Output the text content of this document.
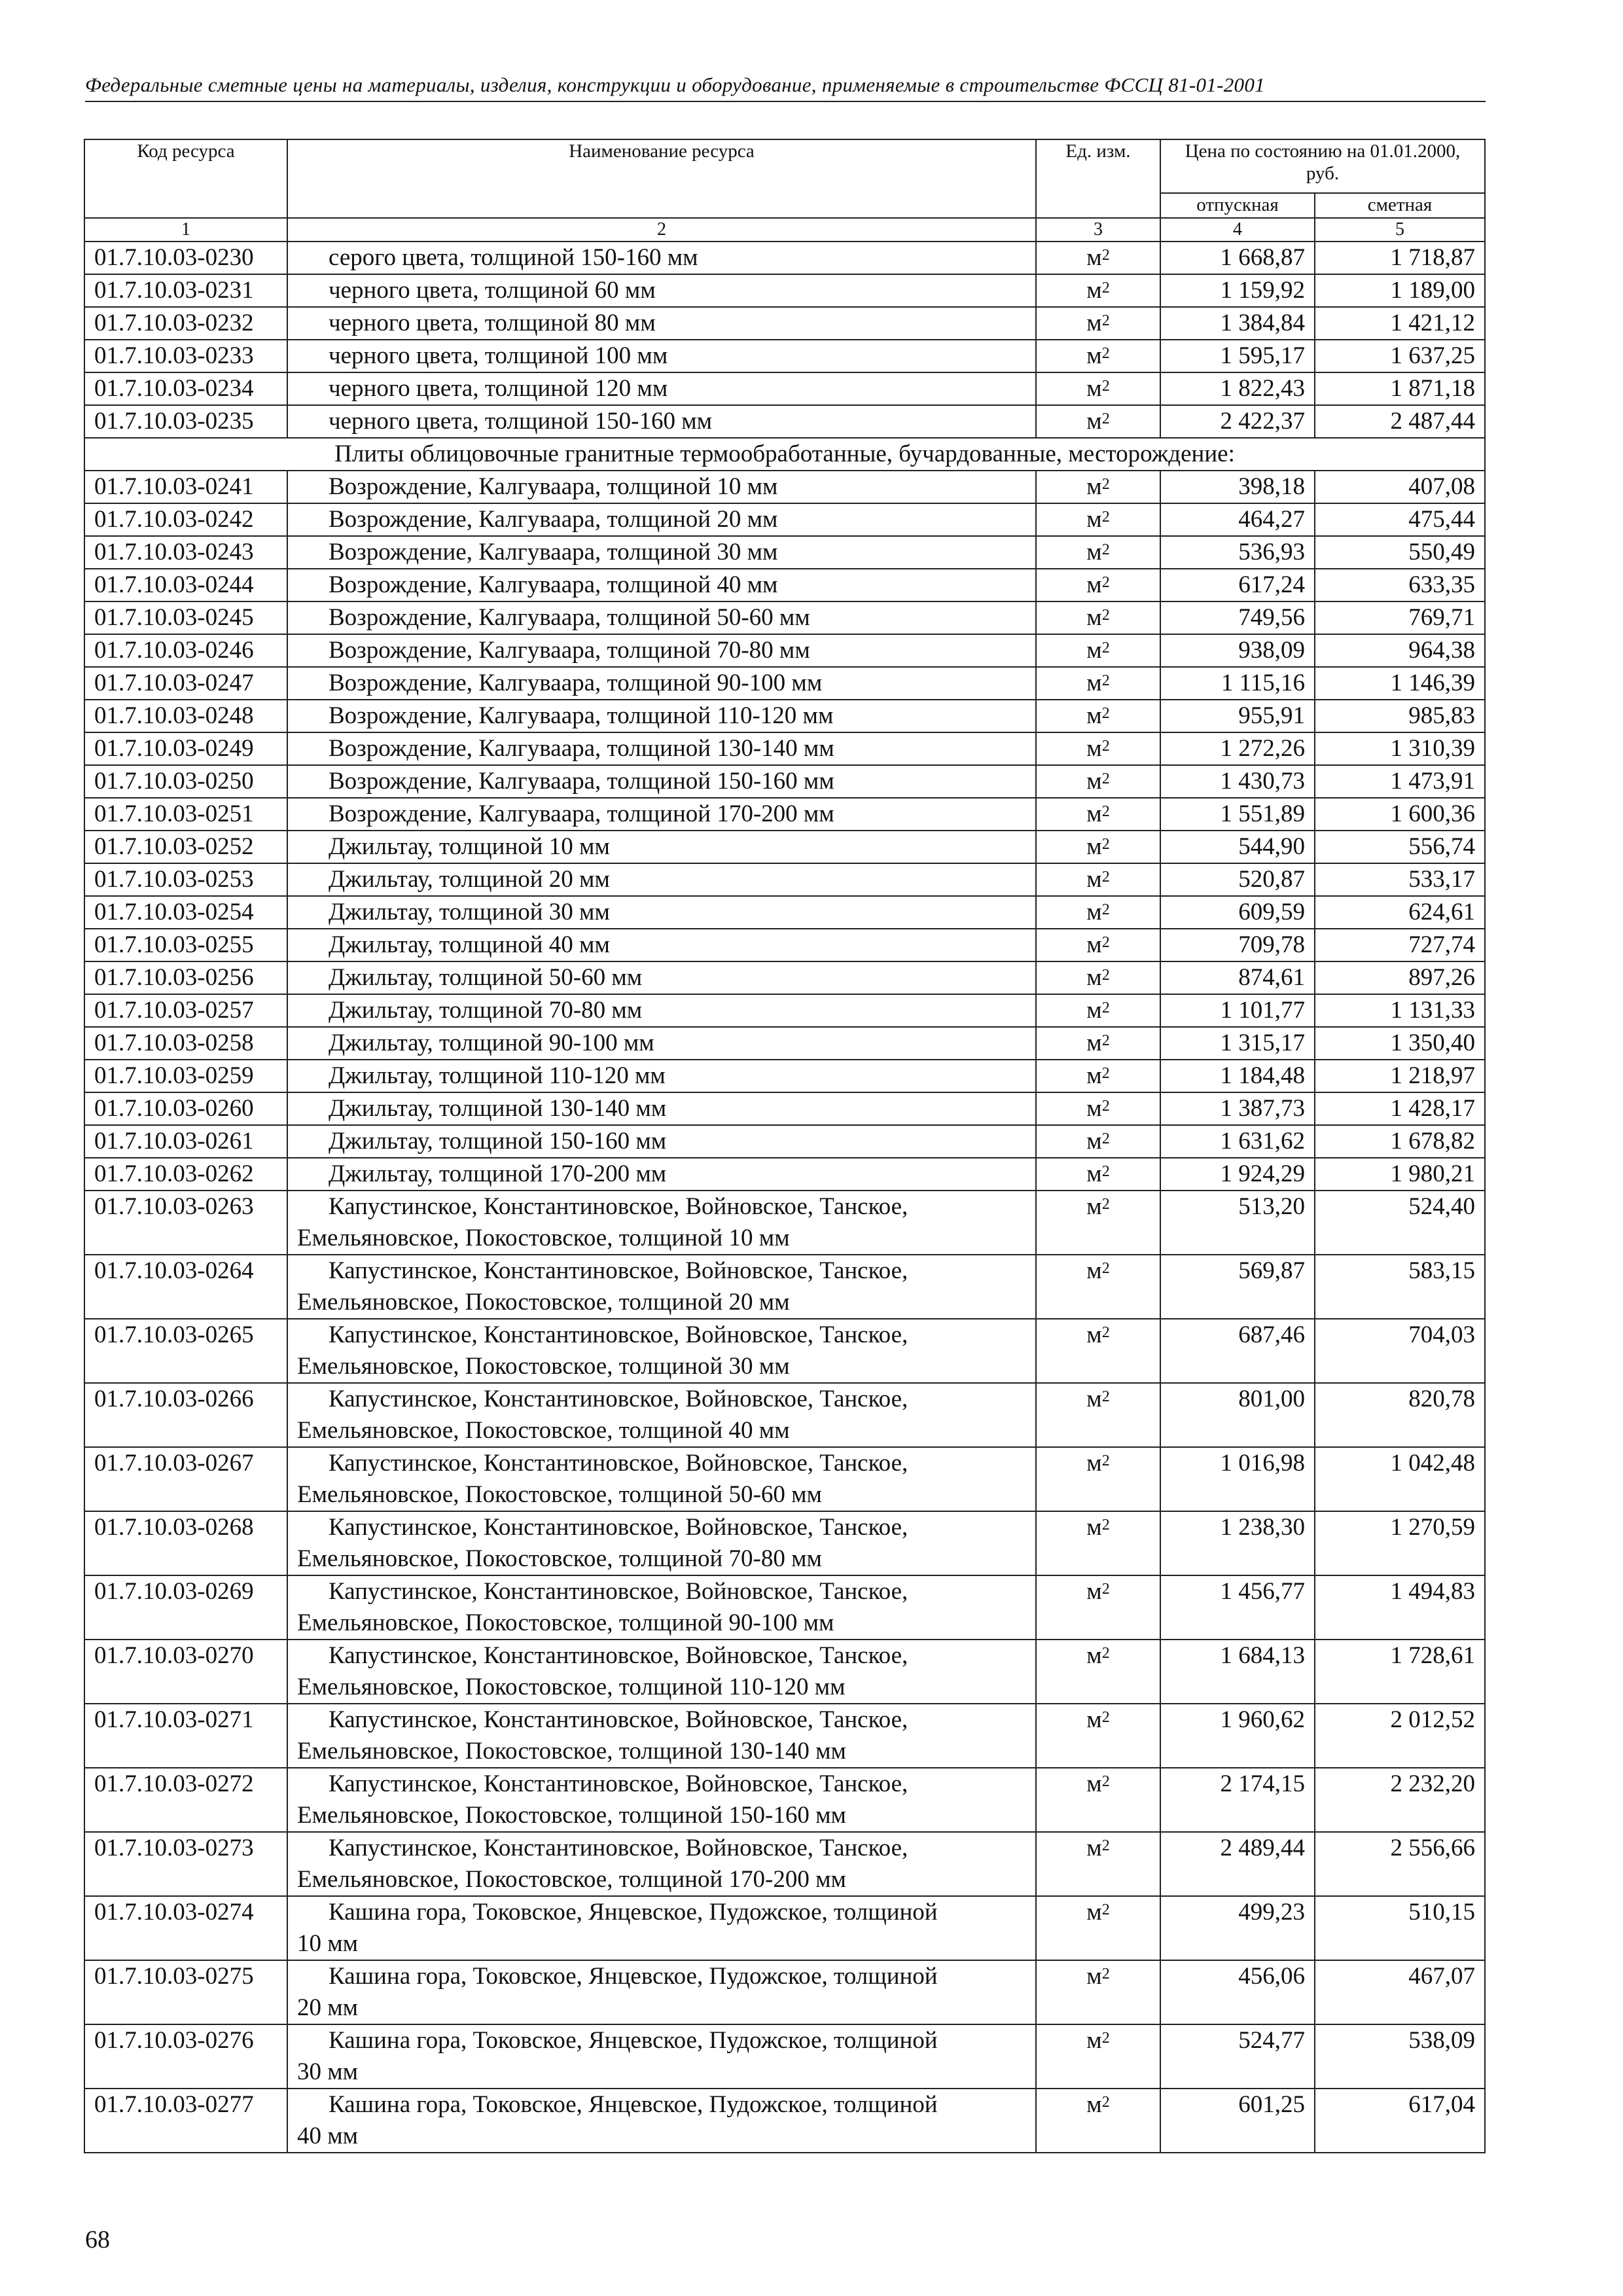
Федеральные сметные цены на материалы, изделия, конструкции и оборудование, применяемые в строительстве ФССЦ 81-01-2001
Код ресурса	Наименование ресурса	Ед. изм.	Цена по состоянию на 01.01.2000, руб.	
			отпускная	сметная
1	2	3	4	5
01.7.10.03-0230	серого цвета, толщиной 150-160 мм	$м^2$	1 668,87	1 718,87
01.7.10.03-0231	черного цвета, толщиной 60 мм	$м^2$	1 159,92	1 189,00
01.7.10.03-0232	черного цвета, толщиной 80 мм	$м^2$	1 384,84	1 421,12
01.7.10.03-0233	черного цвета, толщиной 100 мм	$м^2$	1 595,17	1 637,25
01.7.10.03-0234	черного цвета, толщиной 120 мм	$м^2$	1 822,43	1 871,18
01.7.10.03-0235	черного цвета, толщиной 150-160 мм	$м^2$	2 422,37	2 487,44
Плиты облицовочные гранитные термообработанные, бучардованные, месторождение:				
01.7.10.03-0241	Возрождение, Калгуваара, толщиной 10 мм	$м^2$	398,18	407,08
01.7.10.03-0242	Возрождение, Калгуваара, толщиной 20 мм	$м^2$	464,27	475,44
01.7.10.03-0243	Возрождение, Калгуваара, толщиной 30 мм	$м^2$	536,93	550,49
01.7.10.03-0244	Возрождение, Калгуваара, толщиной 40 мм	$м^2$	617,24	633,35
01.7.10.03-0245	Возрождение, Калгуваара, толщиной 50-60 мм	$м^2$	749,56	769,71
01.7.10.03-0246	Возрождение, Калгуваара, толщиной 70-80 мм	$м^2$	938,09	964,38
01.7.10.03-0247	Возрождение, Калгуваара, толщиной 90-100 мм	$м^2$	1 115,16	1 146,39
01.7.10.03-0248	Возрождение, Калгуваара, толщиной 110-120 мм	$м^2$	955,91	985,83
01.7.10.03-0249	Возрождение, Калгуваара, толщиной 130-140 мм	$м^2$	1 272,26	1 310,39
01.7.10.03-0250	Возрождение, Калгуваара, толщиной 150-160 мм	$м^2$	1 430,73	1 473,91
01.7.10.03-0251	Возрождение, Калгуваара, толщиной 170-200 мм	$м^2$	1 551,89	1 600,36
01.7.10.03-0252	Джильтау, толщиной 10 мм	$м^2$	544,90	556,74
01.7.10.03-0253	Джильтау, толщиной 20 мм	$м^2$	520,87	533,17
01.7.10.03-0254	Джильтау, толщиной 30 мм	$м^2$	609,59	624,61
01.7.10.03-0255	Джильтау, толщиной 40 мм	$м^2$	709,78	727,74
01.7.10.03-0256	Джильтау, толщиной 50-60 мм	$м^2$	874,61	897,26
01.7.10.03-0257	Джильтау, толщиной 70-80 мм	$м^2$	1 101,77	1 131,33
01.7.10.03-0258	Джильтау, толщиной 90-100 мм	$м^2$	1 315,17	1 350,40
01.7.10.03-0259	Джильтау, толщиной 110-120 мм	$м^2$	1 184,48	1 218,97
01.7.10.03-0260	Джильтау, толщиной 130-140 мм	$м^2$	1 387,73	1 428,17
01.7.10.03-0261	Джильтау, толщиной 150-160 мм	$м^2$	1 631,62	1 678,82
01.7.10.03-0262	Джильтау, толщиной 170-200 мм	$м^2$	1 924,29	1 980,21
01.7.10.03-0263	Капустинское, Константиновское, Войновское, Танское,
Емельяновское, Покостовское, толщиной 10 мм	$м^2$	513,20	524,40
01.7.10.03-0264	Капустинское, Константиновское, Войновское, Танское,
Емельяновское, Покостовское, толщиной 20 мм	$м^2$	569,87	583,15
01.7.10.03-0265	Капустинское, Константиновское, Войновское, Танское,
Емельяновское, Покостовское, толщиной 30 мм	$м^2$	687,46	704,03
01.7.10.03-0266	Капустинское, Константиновское, Войновское, Танское,
Емельяновское, Покостовское, толщиной 40 мм	$м^2$	801,00	820,78
01.7.10.03-0267	Капустинское, Константиновское, Войновское, Танское,
Емельяновское, Покостовское, толщиной 50-60 мм	$м^2$	1 016,98	1 042,48
01.7.10.03-0268	Капустинское, Константиновское, Войновское, Танское,
Емельяновское, Покостовское, толщиной 70-80 мм	$м^2$	1 238,30	1 270,59
01.7.10.03-0269	Капустинское, Константиновское, Войновское, Танское,
Емельяновское, Покостовское, толщиной 90-100 мм	$м^2$	1 456,77	1 494,83
01.7.10.03-0270	Капустинское, Константиновское, Войновское, Танское,
Емельяновское, Покостовское, толщиной 110-120 мм	$м^2$	1 684,13	1 728,61
01.7.10.03-0271	Капустинское, Константиновское, Войновское, Танское,
Емельяновское, Покостовское, толщиной 130-140 мм	$м^2$	1 960,62	2 012,52
01.7.10.03-0272	Капустинское, Константиновское, Войновское, Танское,
Емельяновское, Покостовское, толщиной 150-160 мм	$м^2$	2 174,15	2 232,20
01.7.10.03-0273	Капустинское, Константиновское, Войновское, Танское,
Емельяновское, Покостовское, толщиной 170-200 мм	$м^2$	2 489,44	2 556,66
01.7.10.03-0274	Кашина гора, Токовское, Янцевское, Пудожское, толщиной
10 мм	$м^2$	499,23	510,15
01.7.10.03-0275	Кашина гора, Токовское, Янцевское, Пудожское, толщиной
20 мм	$м^2$	456,06	467,07
01.7.10.03-0276	Кашина гора, Токовское, Янцевское, Пудожское, толщиной
30 мм	$м^2$	524,77	538,09
01.7.10.03-0277	Кашина гора, Токовское, Янцевское, Пудожское, толщиной
40 мм	$м^2$	601,25	617,04
68
